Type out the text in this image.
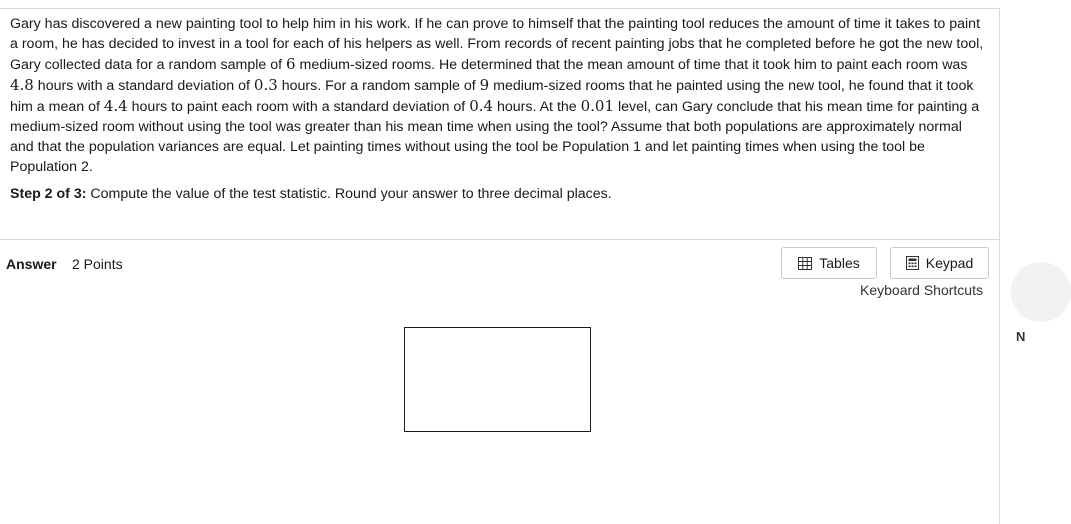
Gary has discovered a new painting tool to help him in his work. If he can prove to himself that the painting tool reduces the amount of time it takes to paint a room, he has decided to invest in a tool for each of his helpers as well. From records of recent painting jobs that he completed before he got the new tool, Gary collected data for a random sample of 6 medium-sized rooms. He determined that the mean amount of time that it took him to paint each room was 4.8 hours with a standard deviation of 0.3 hours. For a random sample of 9 medium-sized rooms that he painted using the new tool, he found that it took him a mean of 4.4 hours to paint each room with a standard deviation of 0.4 hours. At the 0.01 level, can Gary conclude that his mean time for painting a medium-sized room without using the tool was greater than his mean time when using the tool? Assume that both populations are approximately normal and that the population variances are equal. Let painting times without using the tool be Population 1 and let painting times when using the tool be Population 2.

Step 2 of 3: Compute the value of the test statistic. Round your answer to three decimal places.
Answer 2 Points	Tables	Keypad
Keyboard Shortcuts
N
